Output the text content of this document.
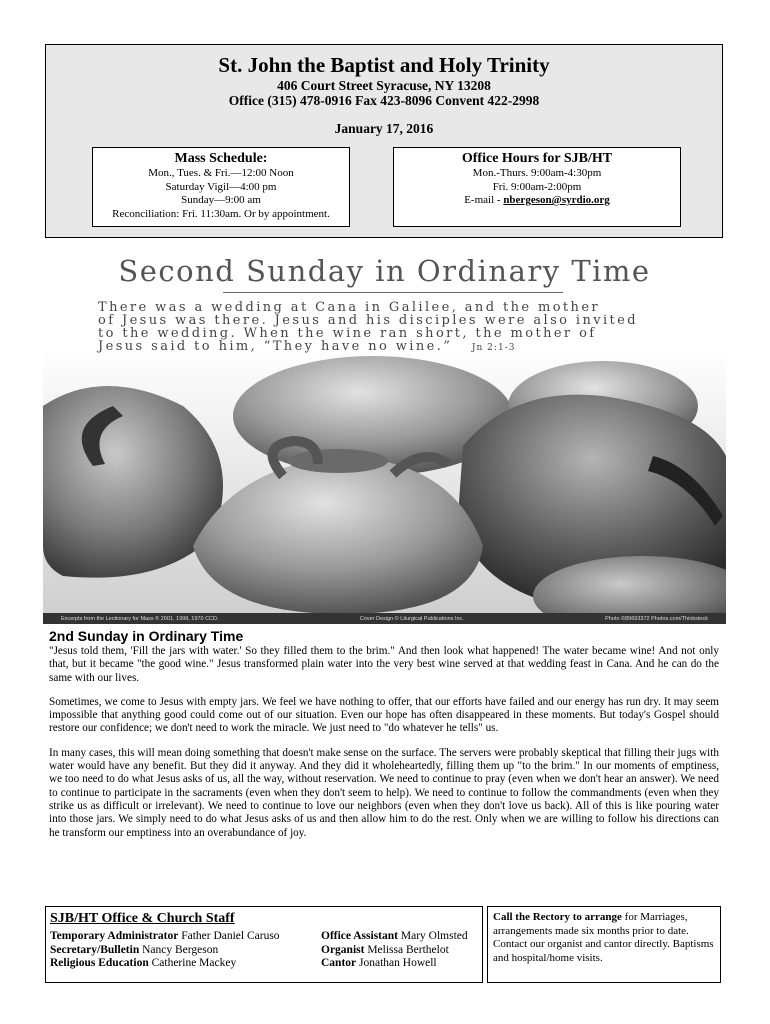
St. John the Baptist and Holy Trinity
406 Court Street Syracuse, NY 13208
Office (315) 478-0916 Fax 423-8096 Convent 422-2998
January 17, 2016
Mass Schedule:
Mon., Tues. & Fri.—12:00 Noon
Saturday Vigil—4:00 pm
Sunday—9:00 am
Reconciliation: Fri. 11:30am. Or by appointment.
Office Hours for SJB/HT
Mon.-Thurs. 9:00am-4:30pm
Fri. 9:00am-2:00pm
E-mail - nbergeson@syrdio.org
Second Sunday in Ordinary Time
There was a wedding at Cana in Galilee, and the mother
of Jesus was there. Jesus and his disciples were also invited
to the wedding. When the wine ran short, the mother of
Jesus said to him, “They have no wine.” Jn 2:1-3
Excerpts from the Lectionary for Mass © 2001, 1998, 1970 CCD.	Cover Design © Liturgical Publications Inc.	Photo ©89693372 Photos.com/Thinkstock
2nd Sunday in Ordinary Time

"Jesus told them, 'Fill the jars with water.' So they filled them to the brim." And then look what happened! The water became wine! And not only that, but it became "the good wine." Jesus transformed plain water into the very best wine served at that wedding feast in Cana. And he can do the same with our lives.

Sometimes, we come to Jesus with empty jars. We feel we have nothing to offer, that our efforts have failed and our energy has run dry. It may seem impossible that anything good could come out of our situation. Even our hope has often disappeared in these moments. But today's Gospel should restore our confidence; we don't need to work the miracle. We just need to "do whatever he tells" us.

In many cases, this will mean doing something that doesn't make sense on the surface. The servers were probably skeptical that filling their jugs with water would have any benefit. But they did it anyway. And they did it wholeheartedly, filling them up "to the brim." In our moments of emptiness, we too need to do what Jesus asks of us, all the way, without reservation. We need to continue to pray (even when we don't hear an answer). We need to continue to participate in the sacraments (even when they don't seem to help). We need to continue to follow the commandments (even when they strike us as difficult or irrelevant). We need to continue to love our neighbors (even when they don't love us back). All of this is like pouring water into those jars. We simply need to do what Jesus asks of us and then allow him to do the rest. Only when we are willing to follow his directions can he transform our emptiness into an overabundance of joy.

SJB/HT Office & Church Staff
Temporary Administrator Father Daniel Caruso
Secretary/Bulletin Nancy Bergeson
Religious Education Catherine Mackey
Office Assistant Mary Olmsted
Organist Melissa Berthelot
Cantor Jonathan Howell
Call the Rectory to arrange for Marriages, arrangements made six months prior to date. Contact our organist and cantor directly. Baptisms and hospital/home visits.
